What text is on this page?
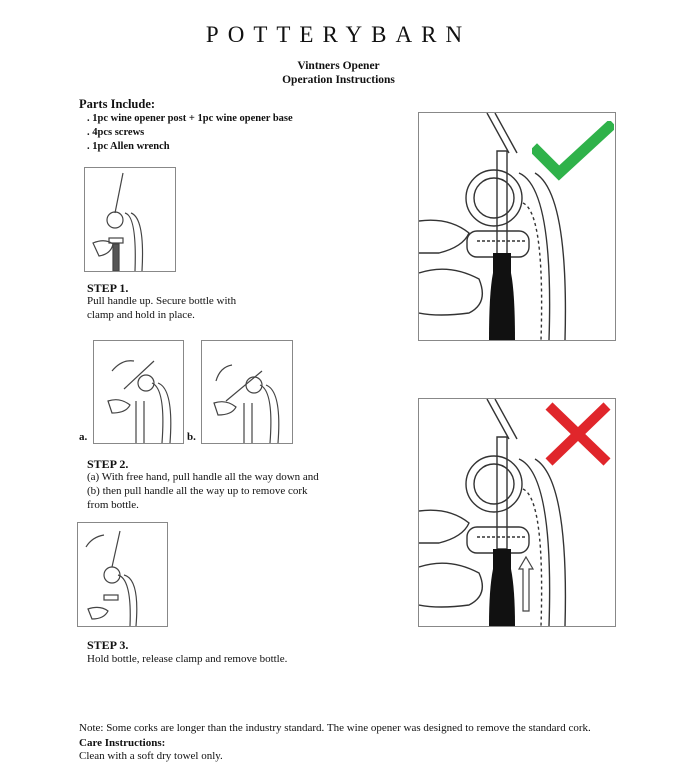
POTTERYBARN
Vintners Opener
Operation Instructions
Parts Include:
. 1pc wine opener post + 1pc wine opener base
. 4pcs screws
. 1pc Allen wrench
STEP 1.
Pull handle up. Secure bottle with
clamp and hold in place.
a.	b.
STEP 2.
(a) With free hand, pull handle all the way down and
(b) then pull handle all the way up to remove cork
from bottle.
STEP 3.
Hold bottle, release clamp and remove bottle.
Note: Some corks are longer than the industry standard. The wine opener was designed to remove the standard cork.
Care Instructions:
Clean with a soft dry towel only.
